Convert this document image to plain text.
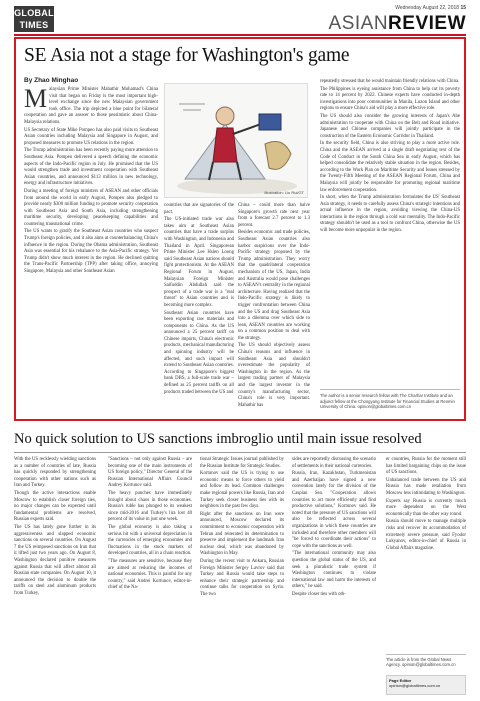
GLOBAL
TIMES
Wednesday August 22, 2018 15
ASIANREVIEW
SE Asia not a stage for Washington's game
By Zhao Minghao

Malaysian Prime Minister Mahathir Mohamad's China visit that began on Friday is the most important high-level exchange since the new Malaysian government took office. The trip depicted a blue point for bilateral cooperation and gave an answer to those pessimistic about China-Malaysia relations.

US Secretary of State Mike Pompeo has also paid visits to Southeast Asian countries including Malaysia and Singapore in August, and proposed measures to promote US relations in the region.

The Trump administration has been recently paying more attention to Southeast Asia. Pompeo delivered a speech defining the economic aspects of the Indo-Pacific region in July. He promised that the US would strengthen trade and investment cooperation with Southeast Asian countries, and announced $113 million in new technology, energy and infrastructure initiatives.

During a meeting of foreign ministers of ASEAN and other officials from around the world in early August, Pompeo also pledged to provide nearly $300 million funding to promote security cooperation with Southeast Asia and South Asia, including strengthening maritime security, developing peacekeeping capabilities and countering transnational crime.

The US wants to gratify the Southeast Asian countries who suspect Trump's foreign policies, and it also aims at counterbalancing China's influence in the region. During the Obama administration, Southeast Asia was essential for his rebalance to the Asia-Pacific strategy. Yet Trump didn't show much interest in the region. He declined quitting the Trans-Pacific Partnership (TPP) after taking office, annoying Singapore, Malaysia and other Southeast Asian

Illustration: Liu Rui/GT

countries that are signatories of the pact.

The US-initiated trade war also takes aim at Southeast Asian countries that have a trade surplus with Washington, and Indonesia and Thailand in April. Singaporean Prime Minister Lee Hsien Loong said Southeast Asian nations should fight protectionism. At the ASEAN Regional Forum in August, Malaysian Foreign Minister Saifuddin Abdullah said the prospect of a trade war is a "real threat" to Asian countries and is becoming more complex.

Southeast Asian countries have been exporting raw materials and components to China. As the US announced a 25 percent tariff on Chinese imports, China's electronic products, mechanical manufacturing and spinning industry will be affected, and such impact will extend to Southeast Asian countries. According to Singapore's biggest bank DBS, a full-scale trade war – defined as 25 percent tariffs on all products traded between the US and

China – could more than halve Singapore's growth rate next year from a forecast 2.7 percent to 1.3 percent.

Besides economic and trade policies, Southeast Asian countries also harbor suspicions over the Indo-Pacific strategy proposed by the Trump administration. They worry that the quadrilateral cooperation mechanism of the US, Japan, India and Australia would pose challenges to ASEAN's centrality in the regional architecture. Having realized that the Indo-Pacific strategy is likely to trigger confrontation between China and the US and drag Southeast Asia into a dilemma over which side to lean, ASEAN countries are working on a common position to deal with the strategy.

The US should objectively assess China's reasons and influence in Southeast Asia and shouldn't overestimate the popularity of Washington in the region. As the largest trading partner of Malaysia and the largest investor in the country's manufacturing sector, China's role is very important. Mahathir has

repeatedly stressed that he would maintain friendly relations with China.

The Philippines is eyeing assistance from China to help cut its poverty rate to 14 percent by 2022. Chinese experts have conducted in-depth investigations into poor communities in Manila, Luzon Island and other regions to ensure China's aid will play a more effective role.

The US should also consider the growing interests of Japan's Abe administration to cooperate with China on the Belt and Road initiative. Japanese and Chinese companies will jointly participate in the construction of the Eastern Economic Corridor in Thailand.

In the security field, China is also striving to play a more active role. China and the ASEAN arrived at a single draft negotiating text of the Code of Conduct in the South China Sea in early August, which has helped consolidate the relatively stable situation in the region. Besides, according to the Work Plan on Maritime Security and Issues stressed by the Twenty-Fifth Meeting of the ASEAN Regional Forum, China and Malaysia will jointly be responsible for promoting regional maritime law enforcement cooperation.

In short, when the Trump administration formulates the US' Southeast Asia strategy, it needs to carefully assess China's strategic intentions and actual influence in the region, avoiding viewing the China-US interactions in the region through a cold war mentality. The Indo-Pacific strategy shouldn't be used as a tool to confront China, otherwise the US will become more unpopular in the region.

The author is a senior research fellow with The Charhar Institute and an adjunct fellow at the Chongyang Institute for Financial Studies at Renmin University of China. opinion@globaltimes.com.cn
No quick solution to US sanctions imbroglio until main issue resolved

With the US recklessly wielding sanctions as a number of countries of late, Russia has quickly responded by strengthening cooperation with other nations such as Iran and Turkey.

Though the active interactions enable Moscow to establish closer foreign ties, no major changes can be expected until fundamental problems are resolved, Russian experts said.

The US has lately gone further in its aggressiveness and slapped economic sanctions on several countries. On August 7 the US reimposed sanctions on Iran that it lifted just two years ago. On August 8, Washington declared punitive measures against Russia that will affect almost all Russian state companies. On August 10, it announced the decision to double the tariffs on steel and aluminum products from Turkey,

"Sanctions – not only against Russia – are becoming one of the main instruments of US foreign policy," Director General of the Russian International Affairs Council Andrey Kortunov said.

The heavy punches have immediately brought about chaos in those economies. Russia's ruble has plunged to its weakest since mid-2016 and Turkey's lira lost 40 percent of its value in just one week.

The global economy is also taking a serious hit with a universal depreciation in the currencies of emerging economies and fluctuations in the stock markets of developed countries, all in a chain reaction.

"The measures are sensitive, because they are aimed at reducing the incomes of national economies. This is painful for any country," said Andrei Kortunov, editor-in-chief of the Na-

tional Strategic Issues journal published by the Russian Institute for Strategic Studies.

Kortunov said the US is trying to use economic means to force others to yield and follow its lead. Common challenges make regional powers like Russia, Iran and Turkey seek closer business ties with its neighbors in the past few days.

Right after the sanctions on Iran were announced, Moscow declared its commitment to economic cooperation with Tehran and reiterated its determination to preserve and implement the landmark Iran nuclear deal, which was abandoned by Washington in May.

During the recent visit to Ankara, Russian Foreign Minister Sergey Lavrov said that Turkey and Russia would take steps to enhance their strategic partnership and continue talks for cooperation on Syria. The two

sides are reportedly discussing the scenario of settlements in their national currencies.

Russia, Iran, Kazakhstan, Turkmenistan and Azerbaijan have signed a new convention lately for the division of the Caspian Sea. "Cooperation allows countries to act more efficiently and find productive solutions," Kortunov said. He noted that the pressure of US sanctions will also be reflected across several organizations in which these countries are included and therefore other members will "be forced to coordinate their actions" to cope with the sanctions as well.

"The international community may also question the global status of the US, and seek a pluralistic trade system if Washington continues to violate international law and harm the interests of others," he said.

Despite closer ties with oth-

er countries, Russia for the moment still has limited bargaining chips on the issue of US sanctions.

Unbalanced trade between the US and Russia has made retaliation from Moscow less intimidating to Washington.

Experts say Russia is currently much more dependent on the West economically than the other way round.

Russia should move to manage multiple risks and recover its accommodation of extremely severe pressure, said Fyodor Lukyanov, editor-in-chief of Russia in Global Affairs magazine.

The article is from the Global News Agency. opinion@globaltimes.com.cn
Page Editor
opinion@globaltimes.com.cn
